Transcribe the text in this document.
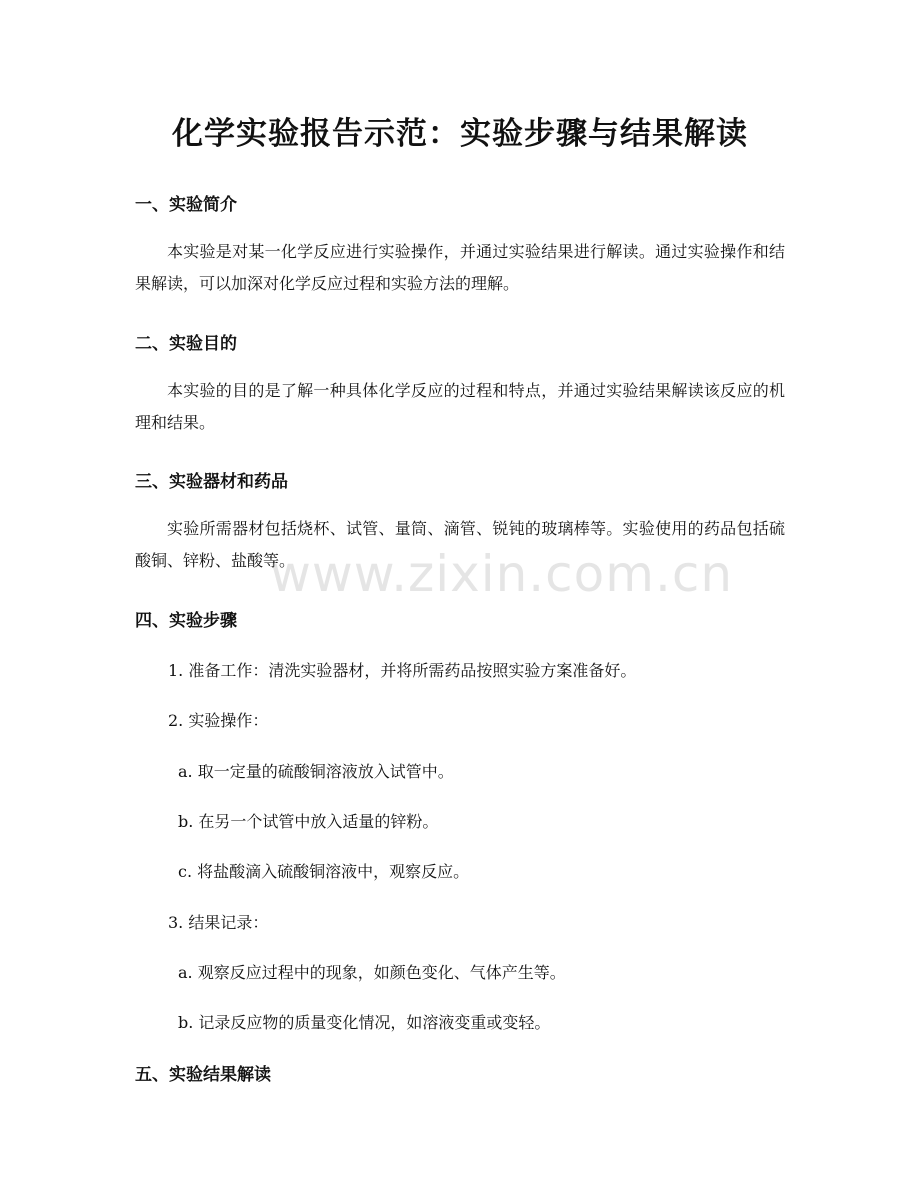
化学实验报告示范：实验步骤与结果解读
一、实验简介

本实验是对某一化学反应进行实验操作，并通过实验结果进行解读。通过实验操作和结果解读，可以加深对化学反应过程和实验方法的理解。

二、实验目的

本实验的目的是了解一种具体化学反应的过程和特点，并通过实验结果解读该反应的机理和结果。

三、实验器材和药品

实验所需器材包括烧杯、试管、量筒、滴管、锐钝的玻璃棒等。实验使用的药品包括硫酸铜、锌粉、盐酸等。

四、实验步骤

1. 准备工作：清洗实验器材，并将所需药品按照实验方案准备好。

2. 实验操作：

a. 取一定量的硫酸铜溶液放入试管中。

b. 在另一个试管中放入适量的锌粉。

c. 将盐酸滴入硫酸铜溶液中，观察反应。

3. 结果记录：

a. 观察反应过程中的现象，如颜色变化、气体产生等。

b. 记录反应物的质量变化情况，如溶液变重或变轻。

五、实验结果解读
www.zixin.com.cn
